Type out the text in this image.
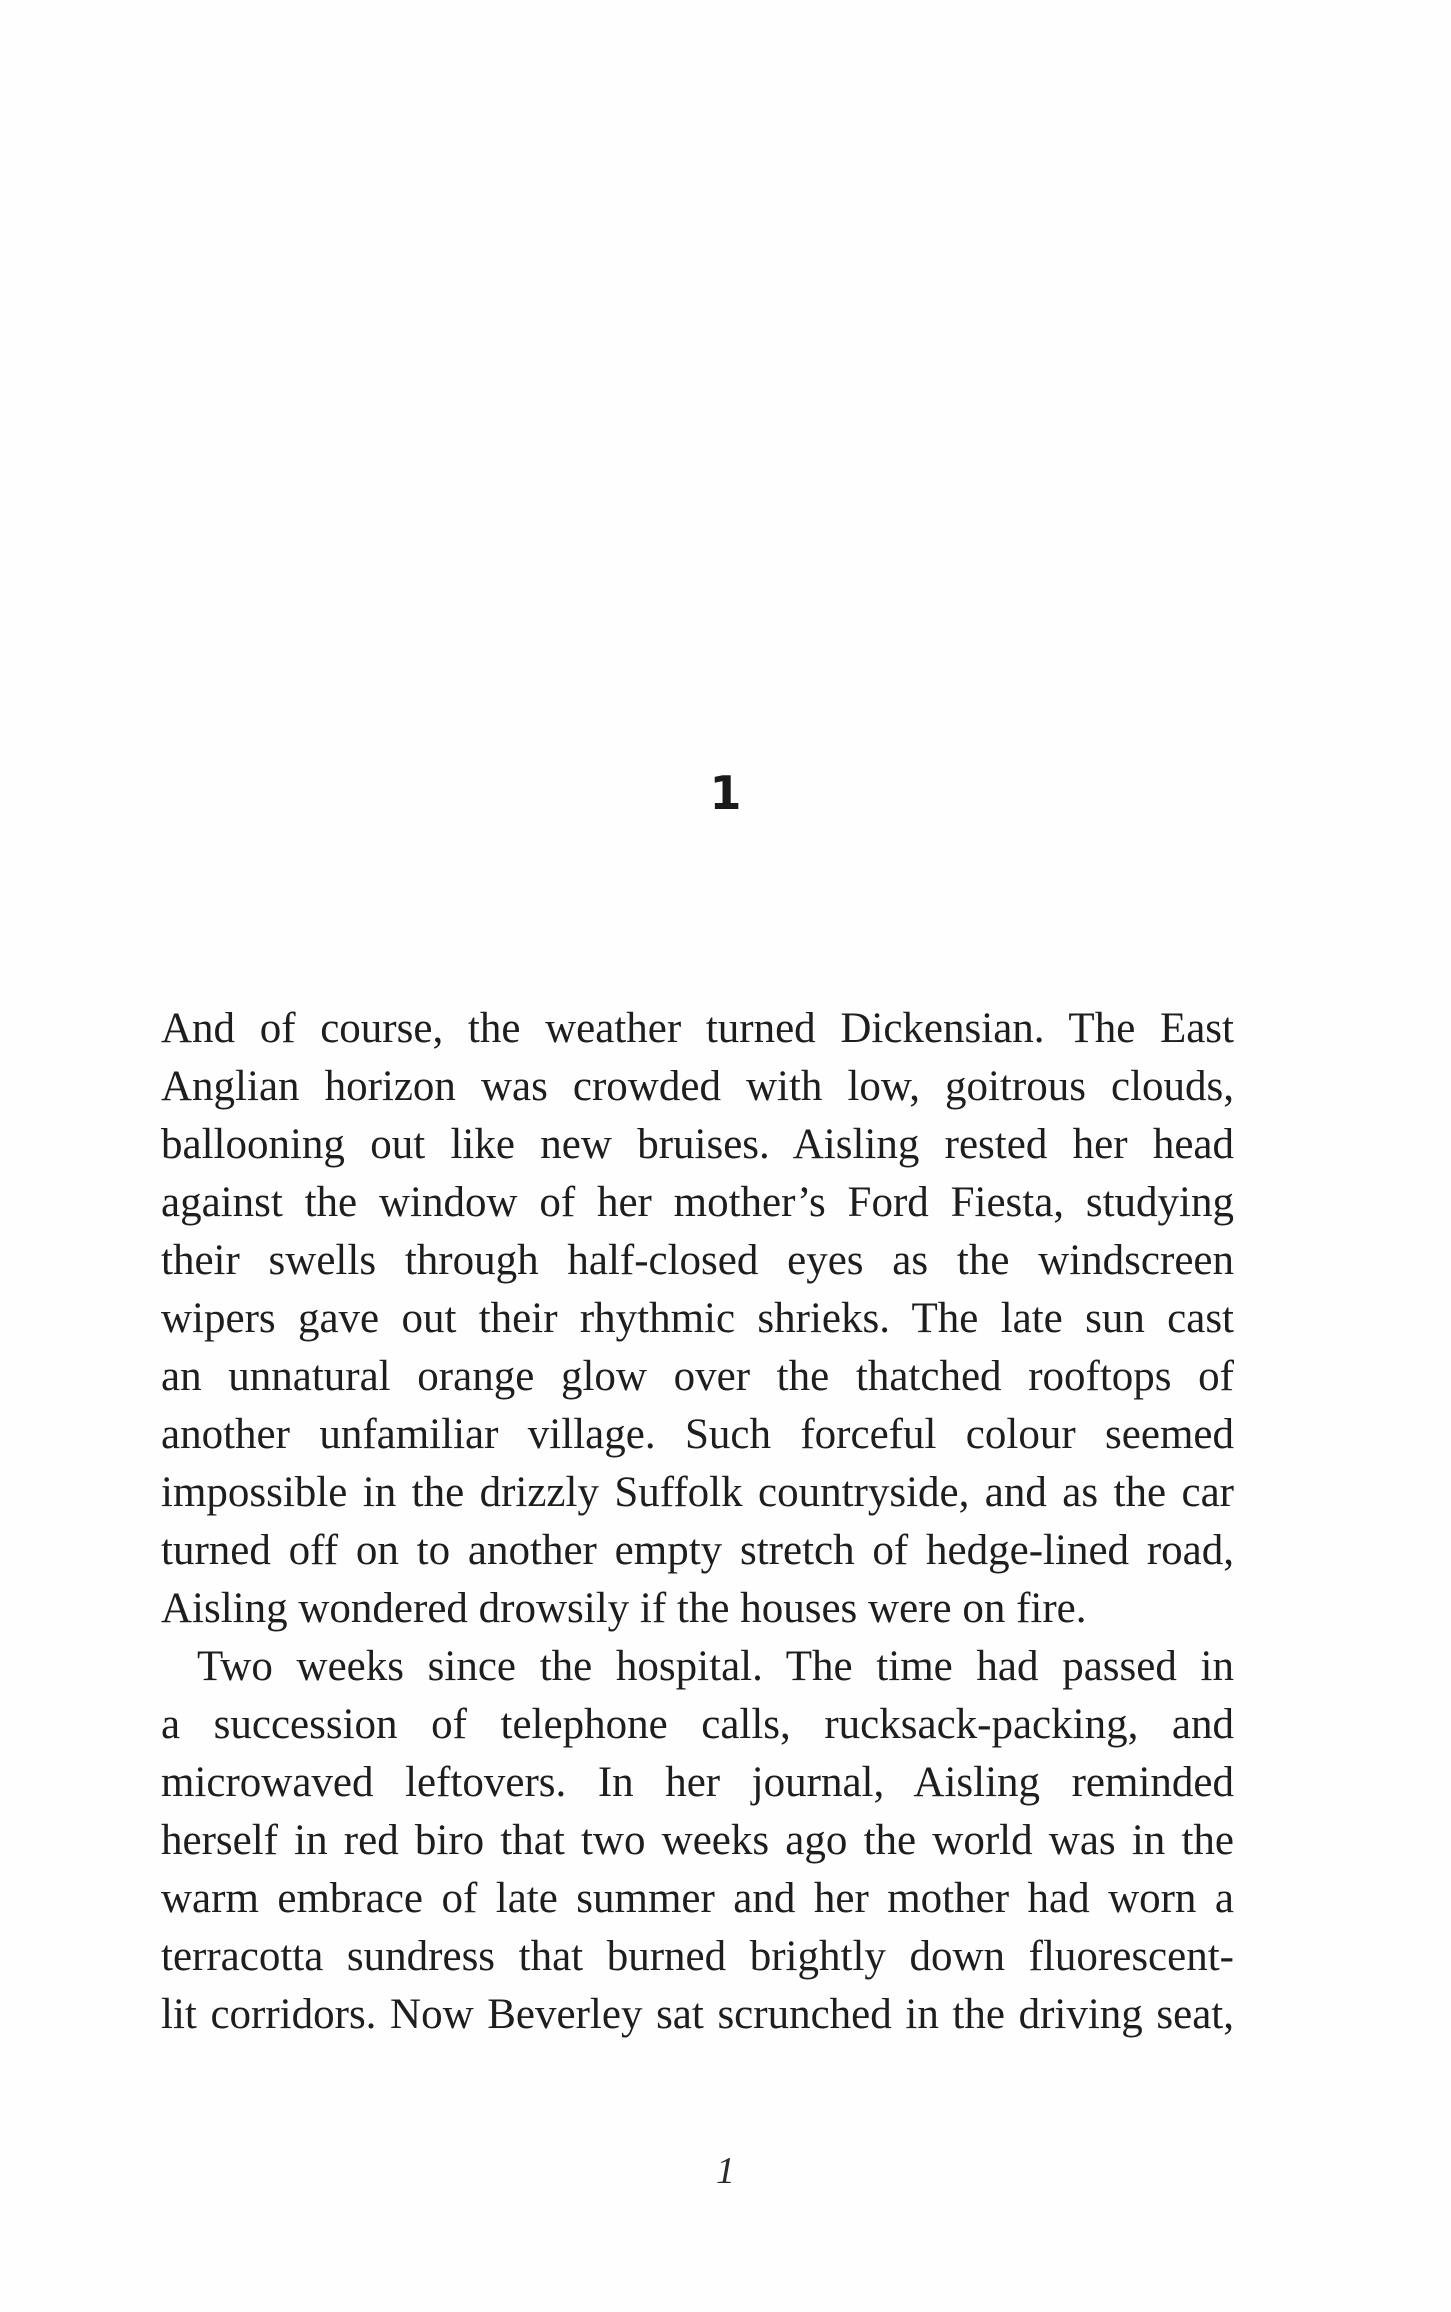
1
And of course, the weather turned Dickensian. The East
Anglian horizon was crowded with low, goitrous clouds,
ballooning out like new bruises. Aisling rested her head
against the window of her mother’s Ford Fiesta, studying
their swells through half-closed eyes as the windscreen
wipers gave out their rhythmic shrieks. The late sun cast
an unnatural orange glow over the thatched rooftops of
another unfamiliar village. Such forceful colour seemed
impossible in the drizzly Suffolk countryside, and as the car
turned off on to another empty stretch of hedge-lined road,
Aisling wondered drowsily if the houses were on fire.
Two weeks since the hospital. The time had passed in
a succession of telephone calls, rucksack-packing, and
microwaved leftovers. In her journal, Aisling reminded
herself in red biro that two weeks ago the world was in the
warm embrace of late summer and her mother had worn a
terracotta sundress that burned brightly down fluorescent-
lit corridors. Now Beverley sat scrunched in the driving seat,
1
